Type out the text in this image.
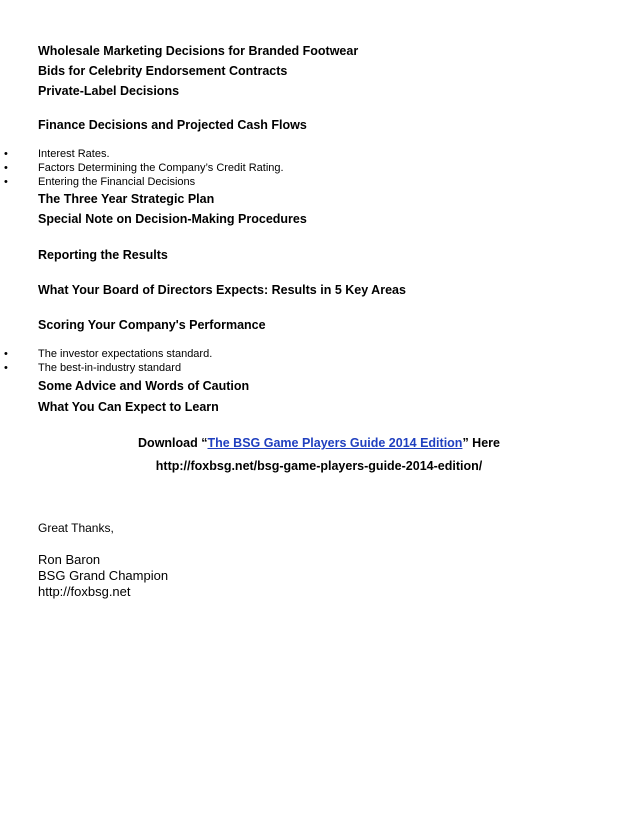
Wholesale Marketing Decisions for Branded Footwear
Bids for Celebrity Endorsement Contracts
Private-Label Decisions
Finance Decisions and Projected Cash Flows
•	Interest Rates.
•	Factors Determining the Company’s Credit Rating.
•	Entering the Financial Decisions
The Three Year Strategic Plan
Special Note on Decision-Making Procedures
Reporting the Results
What Your Board of Directors Expects: Results in 5 Key Areas
Scoring Your Company's Performance
•	The investor expectations standard.
•	The best-in-industry standard
Some Advice and Words of Caution
What You Can Expect to Learn
Download “The BSG Game Players Guide 2014 Edition” Here
http://foxbsg.net/bsg-game-players-guide-2014-edition/
Great Thanks,
Ron Baron
BSG Grand Champion
http://foxbsg.net
